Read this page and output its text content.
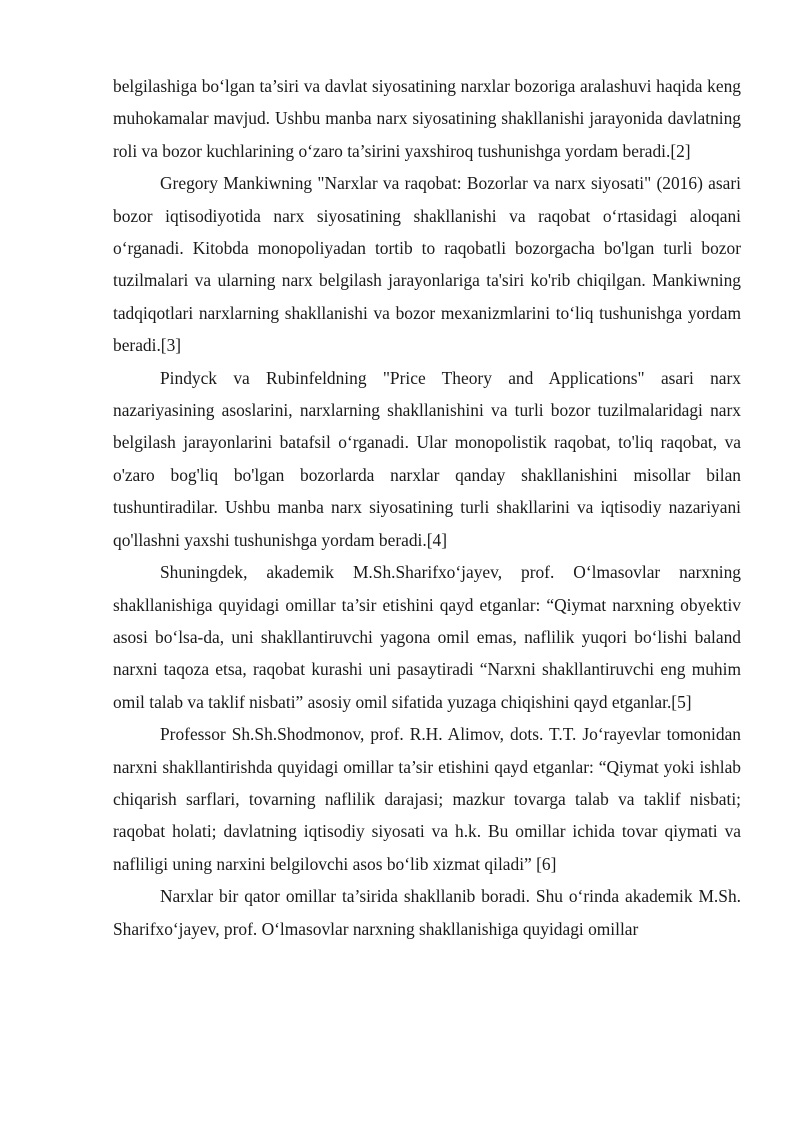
belgilashiga bo‘lgan ta’siri va davlat siyosatining narxlar bozoriga aralashuvi haqida keng muhokamalar mavjud. Ushbu manba narx siyosatining shakllanishi jarayonida davlatning roli va bozor kuchlarining o‘zaro ta’sirini yaxshiroq tushunishga yordam beradi.[2]

Gregory Mankiwning "Narxlar va raqobat: Bozorlar va narx siyosati" (2016) asari bozor iqtisodiyotida narx siyosatining shakllanishi va raqobat o‘rtasidagi aloqani o‘rganadi. Kitobda monopoliyadan tortib to raqobatli bozorgacha bo'lgan turli bozor tuzilmalari va ularning narx belgilash jarayonlariga ta'siri ko'rib chiqilgan. Mankiwning tadqiqotlari narxlarning shakllanishi va bozor mexanizmlarini to‘liq tushunishga yordam beradi.[3]

Pindyck va Rubinfeldning "Price Theory and Applications" asari narx nazariyasining asoslarini, narxlarning shakllanishini va turli bozor tuzilmalaridagi narx belgilash jarayonlarini batafsil o‘rganadi. Ular monopolistik raqobat, to'liq raqobat, va o'zaro bog'liq bo'lgan bozorlarda narxlar qanday shakllanishini misollar bilan tushuntiradilar. Ushbu manba narx siyosatining turli shakllarini va iqtisodiy nazariyani qo'llashni yaxshi tushunishga yordam beradi.[4]

Shuningdek, akademik M.Sh.Sharifxo‘jayev, prof. O‘lmasovlar narxning shakllanishiga quyidagi omillar ta’sir etishini qayd etganlar: “Qiymat narxning obyektiv asosi bo‘lsa-da, uni shakllantiruvchi yagona omil emas, naflilik yuqori bo‘lishi baland narxni taqoza etsa, raqobat kurashi uni pasaytiradi “Narxni shakllantiruvchi eng muhim omil talab va taklif nisbati” asosiy omil sifatida yuzaga chiqishini qayd etganlar.[5]

Professor Sh.Sh.Shodmonov, prof. R.H. Alimov, dots. T.T. Jo‘rayevlar tomonidan narxni shakllantirishda quyidagi omillar ta’sir etishini qayd etganlar: “Qiymat yoki ishlab chiqarish sarflari, tovarning naflilik darajasi; mazkur tovarga talab va taklif nisbati; raqobat holati; davlatning iqtisodiy siyosati va h.k. Bu omillar ichida tovar qiymati va nafliligi uning narxini belgilovchi asos bo‘lib xizmat qiladi” [6]

Narxlar bir qator omillar ta’sirida shakllanib boradi. Shu o‘rinda akademik M.Sh. Sharifxo‘jayev, prof. O‘lmasovlar narxning shakllanishiga quyidagi omillar
